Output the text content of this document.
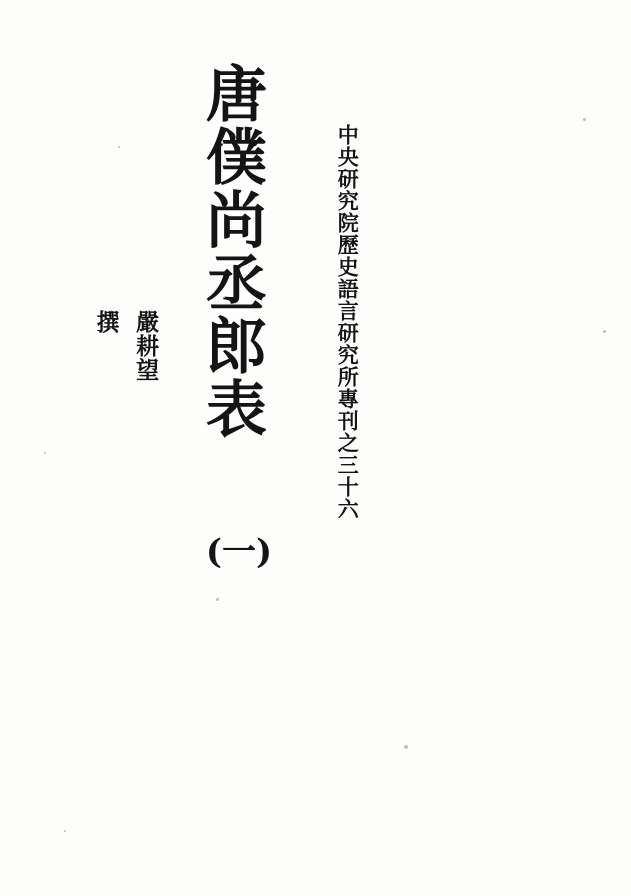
中央研究院歷史語言研究所專刊之三十六
唐僕尚丞郎表
(一)
嚴耕望
撰
